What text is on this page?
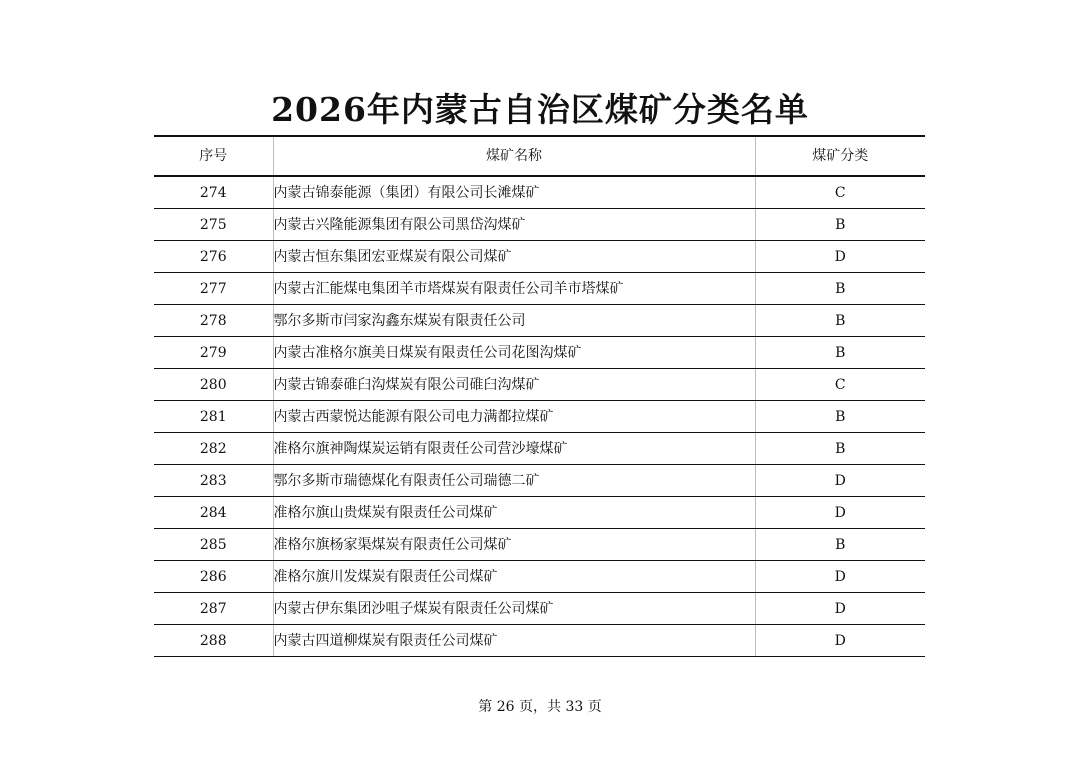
2026年内蒙古自治区煤矿分类名单
序号	煤矿名称	煤矿分类
274	内蒙古锦泰能源（集团）有限公司长滩煤矿	C
275	内蒙古兴隆能源集团有限公司黑岱沟煤矿	B
276	内蒙古恒东集团宏亚煤炭有限公司煤矿	D
277	内蒙古汇能煤电集团羊市塔煤炭有限责任公司羊市塔煤矿	B
278	鄂尔多斯市闫家沟鑫东煤炭有限责任公司	B
279	内蒙古准格尔旗美日煤炭有限责任公司花图沟煤矿	B
280	内蒙古锦泰碓臼沟煤炭有限公司碓臼沟煤矿	C
281	内蒙古西蒙悦达能源有限公司电力满都拉煤矿	B
282	准格尔旗神陶煤炭运销有限责任公司营沙壕煤矿	B
283	鄂尔多斯市瑞德煤化有限责任公司瑞德二矿	D
284	准格尔旗山贵煤炭有限责任公司煤矿	D
285	准格尔旗杨家渠煤炭有限责任公司煤矿	B
286	准格尔旗川发煤炭有限责任公司煤矿	D
287	内蒙古伊东集团沙咀子煤炭有限责任公司煤矿	D
288	内蒙古四道柳煤炭有限责任公司煤矿	D
第 26 页，共 33 页
